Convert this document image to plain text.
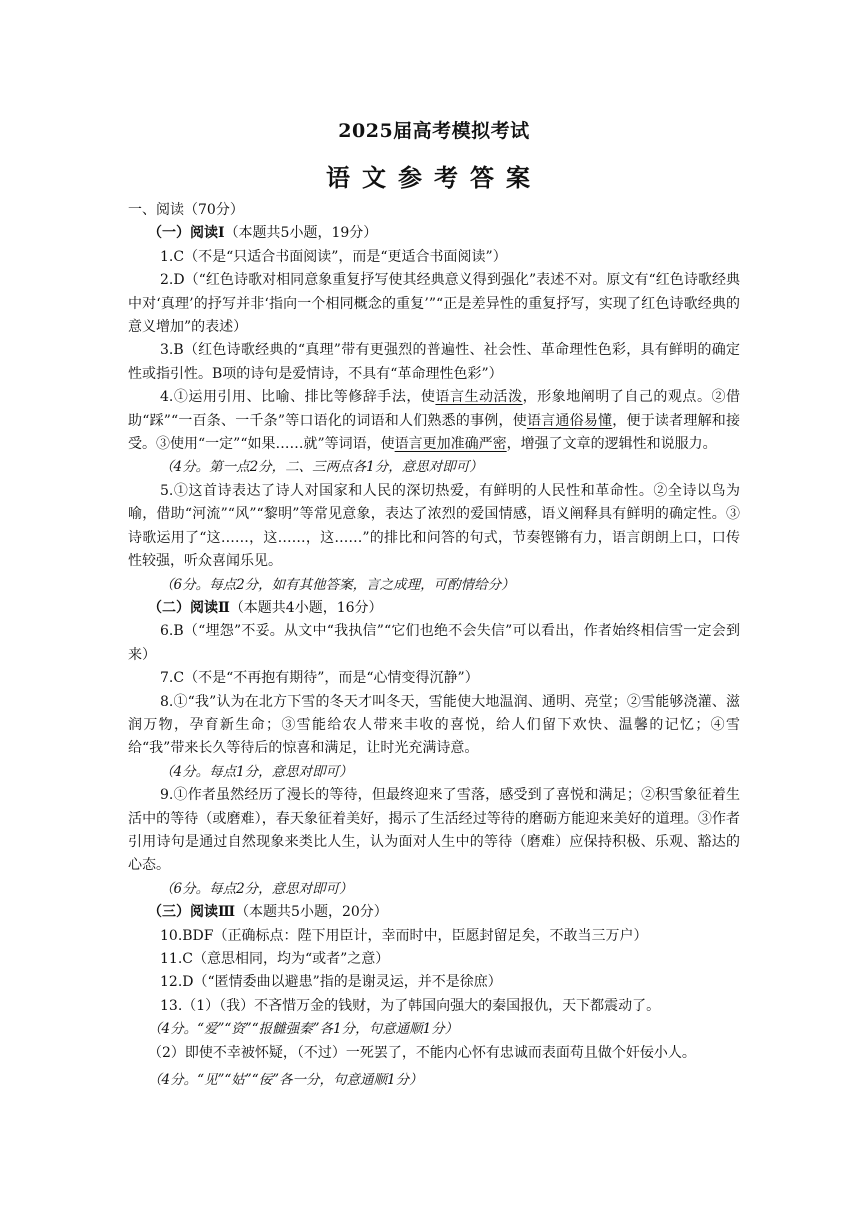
2025届高考模拟考试
语文参考答案

一、阅读（70分）

（一）阅读Ⅰ（本题共5小题，19分）

1.C（不是“只适合书面阅读”，而是“更适合书面阅读”）

2.D（“红色诗歌对相同意象重复抒写使其经典意义得到强化”表述不对。原文有“红色诗歌经典中对‘真理’的抒写并非‘指向一个相同概念的重复’”“正是差异性的重复抒写，实现了红色诗歌经典的意义增加”的表述）

3.B（红色诗歌经典的“真理”带有更强烈的普遍性、社会性、革命理性色彩，具有鲜明的确定性或指引性。B项的诗句是爱情诗，不具有“革命理性色彩”）

4.①运用引用、比喻、排比等修辞手法，使语言生动活泼，形象地阐明了自己的观点。②借助“踩”“一百条、一千条”等口语化的词语和人们熟悉的事例，使语言通俗易懂，便于读者理解和接受。③使用“一定”“如果……就”等词语，使语言更加准确严密，增强了文章的逻辑性和说服力。

（4分。第一点2分，二、三两点各1分，意思对即可）

5.①这首诗表达了诗人对国家和人民的深切热爱，有鲜明的人民性和革命性。②全诗以鸟为喻，借助“河流”“风”“黎明”等常见意象，表达了浓烈的爱国情感，语义阐释具有鲜明的确定性。③诗歌运用了“这……，这……，这……”的排比和问答的句式，节奏铿锵有力，语言朗朗上口，口传性较强，听众喜闻乐见。

（6分。每点2分，如有其他答案，言之成理，可酌情给分）

（二）阅读Ⅱ（本题共4小题，16分）

6.B（“埋怨”不妥。从文中“我执信”“它们也绝不会失信”可以看出，作者始终相信雪一定会到来）

7.C（不是“不再抱有期待”，而是“心情变得沉静”）

8.①“我”认为在北方下雪的冬天才叫冬天，雪能使大地温润、通明、亮堂；②雪能够浇灌、滋润万物，孕育新生命；③雪能给农人带来丰收的喜悦，给人们留下欢快、温馨的记忆；④雪给“我”带来长久等待后的惊喜和满足，让时光充满诗意。

（4分。每点1分，意思对即可）

9.①作者虽然经历了漫长的等待，但最终迎来了雪落，感受到了喜悦和满足；②积雪象征着生活中的等待（或磨难），春天象征着美好，揭示了生活经过等待的磨砺方能迎来美好的道理。③作者引用诗句是通过自然现象来类比人生，认为面对人生中的等待（磨难）应保持积极、乐观、豁达的心态。

（6分。每点2分，意思对即可）

（三）阅读Ⅲ（本题共5小题，20分）

10.BDF（正确标点：陛下用臣计，幸而时中，臣愿封留足矣，不敢当三万户）

11.C（意思相同，均为“或者”之意）

12.D（“匿情委曲以避患”指的是谢灵运，并不是徐庶）

13.（1）（我）不吝惜万金的钱财，为了韩国向强大的秦国报仇，天下都震动了。

（4分。“爱”“资”“报雠强秦”各1分，句意通顺1分）

（2）即使不幸被怀疑，（不过）一死罢了，不能内心怀有忠诚而表面苟且做个奸佞小人。

（4分。“见”“姑”“佞”各一分，句意通顺1分）
